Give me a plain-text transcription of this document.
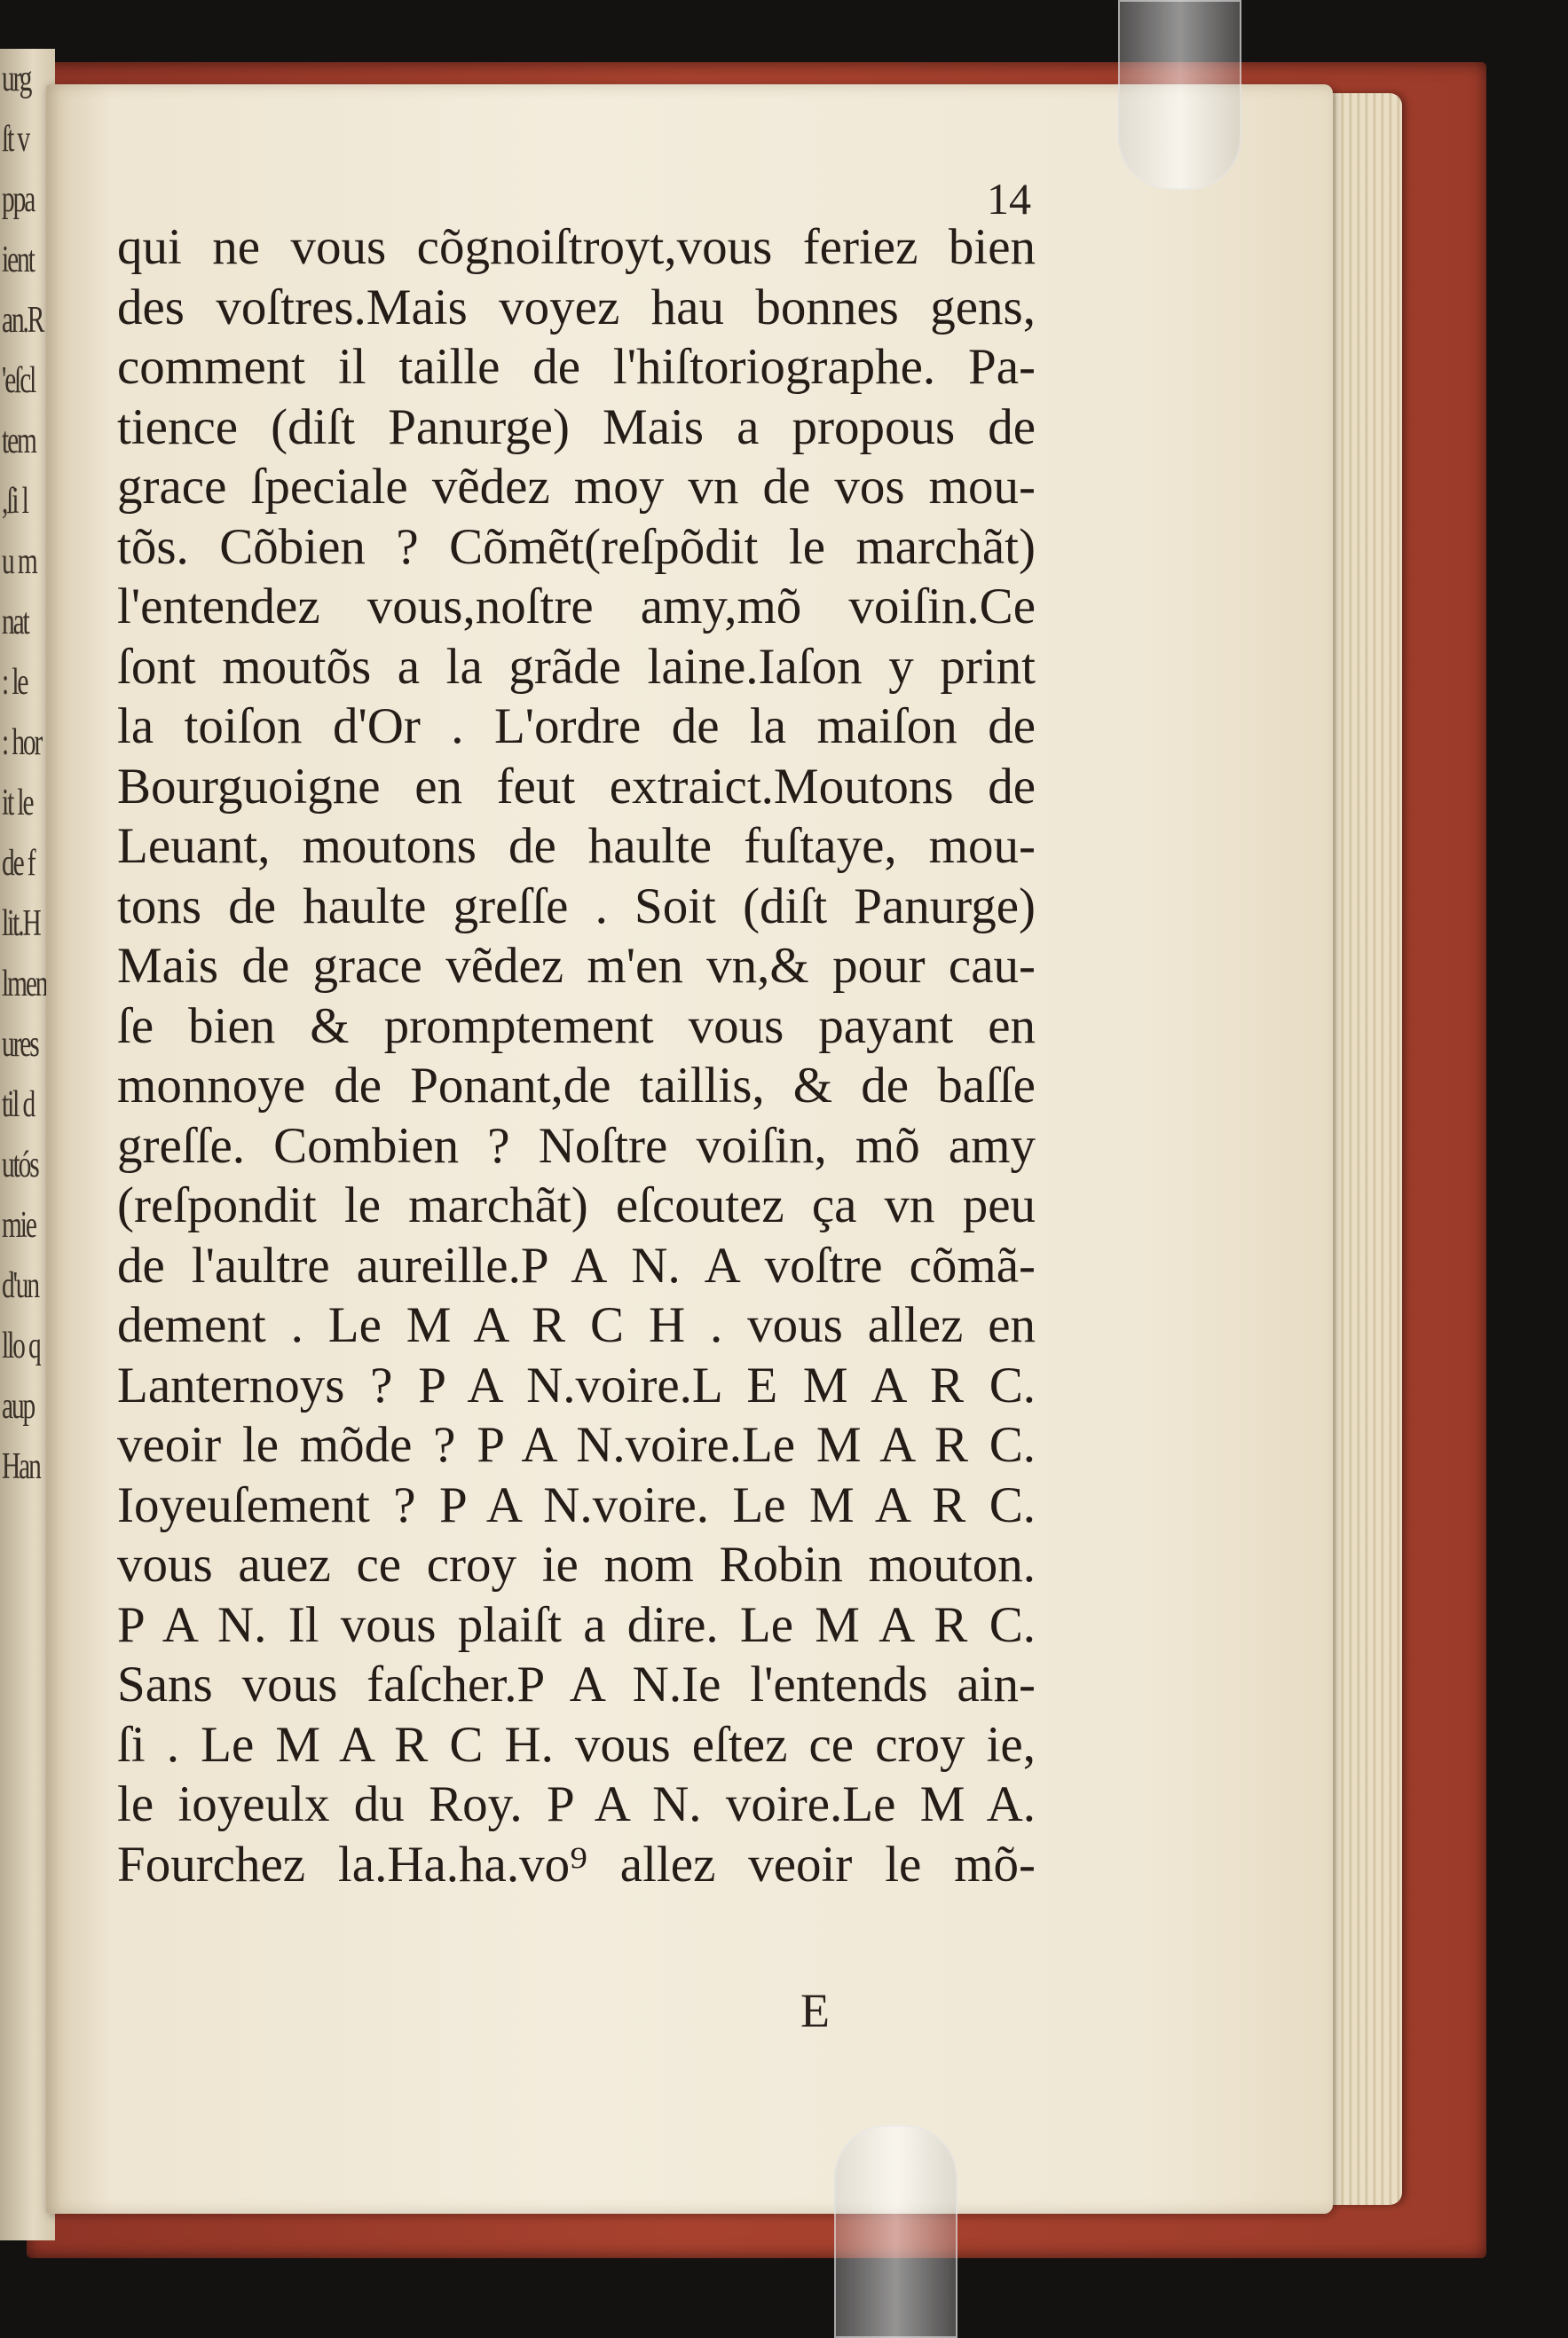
urg
ſt v
ppa
ient
an.R
'eſcl
tem
,ſi l
u m
nat
: le
: hor
it le
de f
lit.H
lmen
ures
til d
utós
mie
d'un
llo q
aup
Han
14
qui ne vous cõgnoiſtroyt,vous feriez bien
des voſtres.Mais voyez hau bonnes gens,
comment il taille de l'hiſtoriographe. Pa-
tience (diſt Panurge) Mais a propous de
grace ſpeciale vẽdez moy vn de vos mou-
tõs. Cõbien ? Cõmẽt(reſpõdit le marchãt)
l'entendez vous,noſtre amy,mõ voiſin.Ce
ſont moutõs a la grãde laine.Iaſon y print
la toiſon d'Or . L'ordre de la maiſon de
Bourguoigne en feut extraict.Moutons de
Leuant, moutons de haulte fuſtaye, mou-
tons de haulte greſſe . Soit (diſt Panurge)
Mais de grace vẽdez m'en vn,& pour cau-
ſe bien & promptement vous payant en
monnoye de Ponant,de taillis, & de baſſe
greſſe. Combien ? Noſtre voiſin, mõ amy
(reſpondit le marchãt) eſcoutez ça vn peu
de l'aultre aureille.P A N. A voſtre cõmã-
dement . Le M A R C H . vous allez en
Lanternoys ? P A N.voire.L E M A R C.
veoir le mõde ? P A N.voire.Le M A R C.
Ioyeuſement ? P A N.voire. Le M A R C.
vous auez ce croy ie nom Robin mouton.
P A N. Il vous plaiſt a dire. Le M A R C.
Sans vous faſcher.P A N.Ie l'entends ain-
ſi . Le M A R C H. vous eſtez ce croy ie,
le ioyeulx du Roy. P A N. voire.Le M A.
Fourchez la.Ha.ha.vo⁹ allez veoir le mõ-
E
